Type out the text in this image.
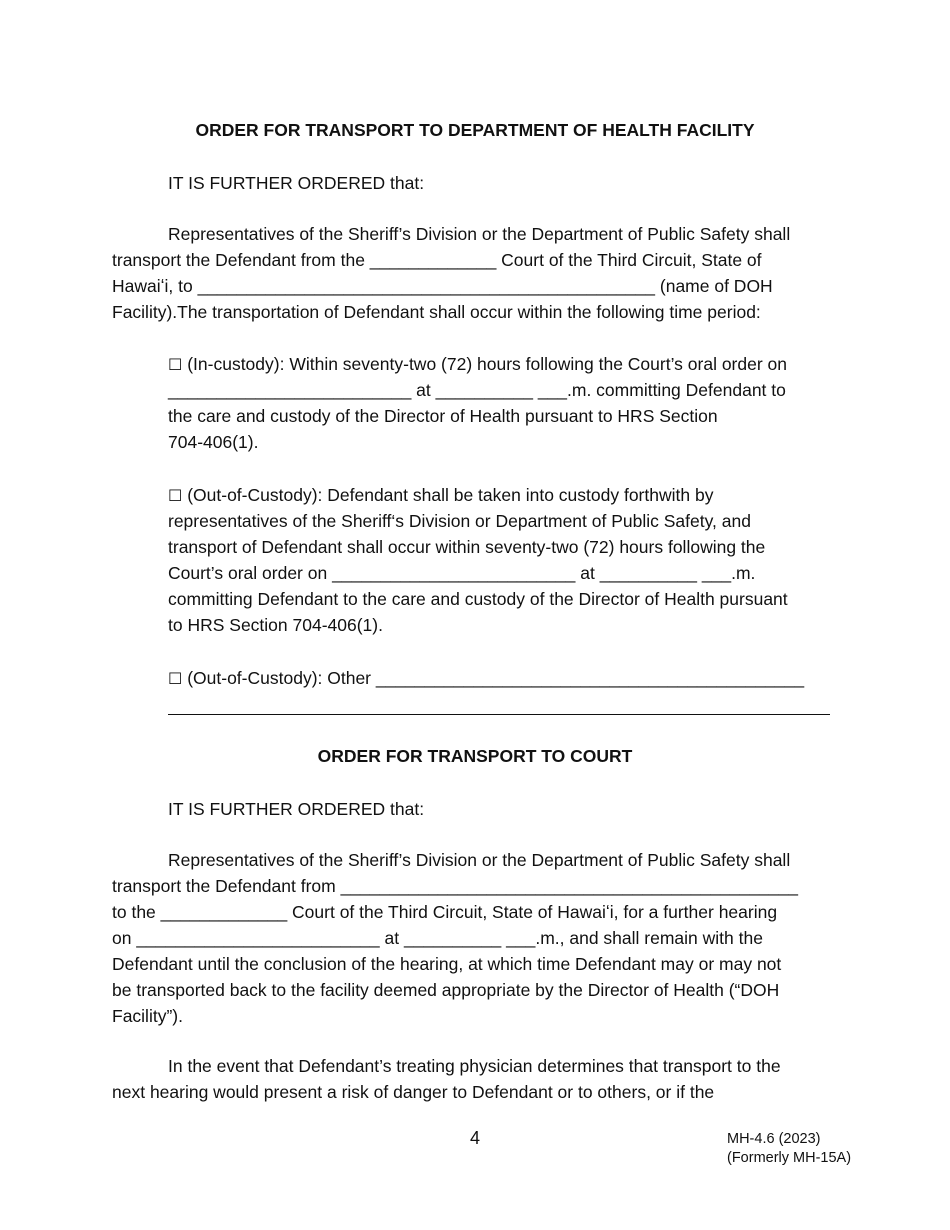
ORDER FOR TRANSPORT TO DEPARTMENT OF HEALTH FACILITY
IT IS FURTHER ORDERED that:
Representatives of the Sheriff’s Division or the Department of Public Safety shall
transport the Defendant from the _____________ Court of the Third Circuit, State of
Hawaiʻi, to _______________________________________________ (name of DOH
Facility).The transportation of Defendant shall occur within the following time period:
☐ (In-custody): Within seventy-two (72) hours following the Court’s oral order on
_________________________ at __________ ___.m. committing Defendant to
the care and custody of the Director of Health pursuant to HRS Section
704-406(1).
☐ (Out-of-Custody): Defendant shall be taken into custody forthwith by
representatives of the Sheriff‘s Division or Department of Public Safety, and
transport of Defendant shall occur within seventy-two (72) hours following the
Court’s oral order on _________________________ at __________ ___.m.
committing Defendant to the care and custody of the Director of Health pursuant
to HRS Section 704-406(1).
☐ (Out-of-Custody): Other ____________________________________________
ORDER FOR TRANSPORT TO COURT
IT IS FURTHER ORDERED that:
Representatives of the Sheriff’s Division or the Department of Public Safety shall
transport the Defendant from _______________________________________________
to the _____________ Court of the Third Circuit, State of Hawaiʻi, for a further hearing
on _________________________ at __________ ___.m., and shall remain with the
Defendant until the conclusion of the hearing, at which time Defendant may or may not
be transported back to the facility deemed appropriate by the Director of Health (“DOH
Facility”).
In the event that Defendant’s treating physician determines that transport to the
next hearing would present a risk of danger to Defendant or to others, or if the
4	MH-4.6 (2023)
(Formerly MH-15A)
